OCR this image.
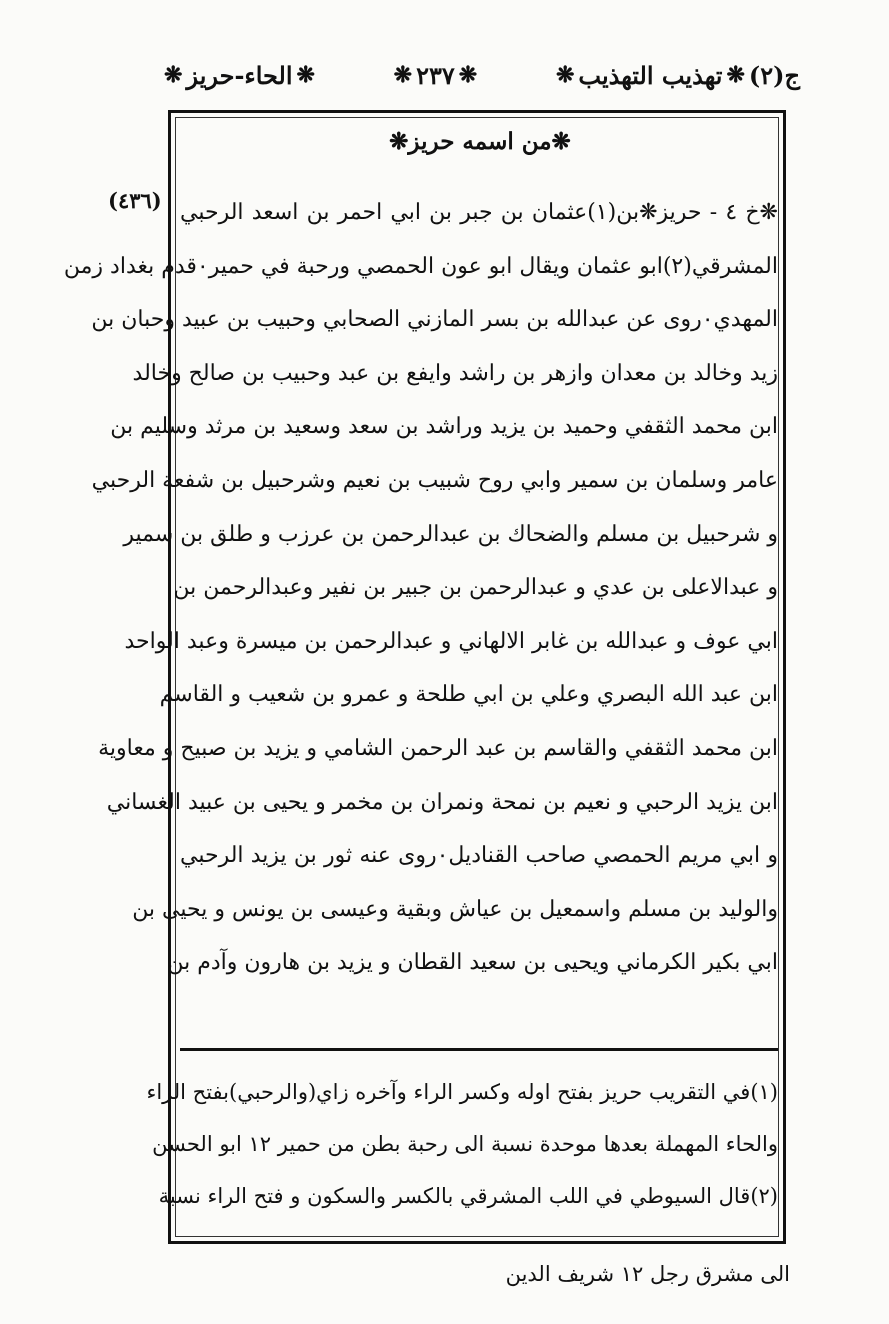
ج(٢)
❋
تهذيب التهذيب
❋
❋
٢٣٧
❋
❋
الحاء-حريز
❋
❋من اسمه حريز❋
(٤٣٦) ❋خ ٤ - حريز❋بن(١)عثمان بن جبر بن ابي احمر بن اسعد الرحبي
المشرقي(٢)ابو عثمان ويقال ابو عون الحمصي ورحبة في حمير٠قدم بغداد زمن
المهدي٠روى عن عبدالله بن بسر المازني الصحابي وحبيب بن عبيد وحبان بن
زيد وخالد بن معدان وازهر بن راشد وايفع بن عبد وحبيب بن صالح وخالد
ابن محمد الثقفي وحميد بن يزيد وراشد بن سعد وسعيد بن مرثد وسليم بن
عامر وسلمان بن سمير وابي روح شبيب بن نعيم وشرحبيل بن شفعة الرحبي
و شرحبيل بن مسلم والضحاك بن عبدالرحمن بن عرزب و طلق بن سمير
و عبدالاعلى بن عدي و عبدالرحمن بن جبير بن نفير وعبدالرحمن بن
ابي عوف و عبدالله بن غابر الالهاني و عبدالرحمن بن ميسرة وعبد الواحد
ابن عبد الله البصري وعلي بن ابي طلحة و عمرو بن شعيب و القاسم
ابن محمد الثقفي والقاسم بن عبد الرحمن الشامي و يزيد بن صبيح و معاوية
ابن يزيد الرحبي و نعيم بن نمحة ونمران بن مخمر و يحيى بن عبيد الغساني
و ابي مريم الحمصي صاحب القناديل٠روى عنه ثور بن يزيد الرحبي
والوليد بن مسلم واسمعيل بن عياش وبقية وعيسى بن يونس و يحيى بن
ابي بكير الكرماني ويحيى بن سعيد القطان و يزيد بن هارون وآدم بن
(١)في التقريب حريز بفتح اوله وكسر الراء وآخره زاي(والرحبي)بفتح الراء
والحاء المهملة بعدها موحدة نسبة الى رحبة بطن من حمير ١٢ ابو الحسن
(٢)قال السيوطي في اللب المشرقي بالكسر والسكون و فتح الراء نسبة
الى مشرق رجل ١٢ شريف الدين
